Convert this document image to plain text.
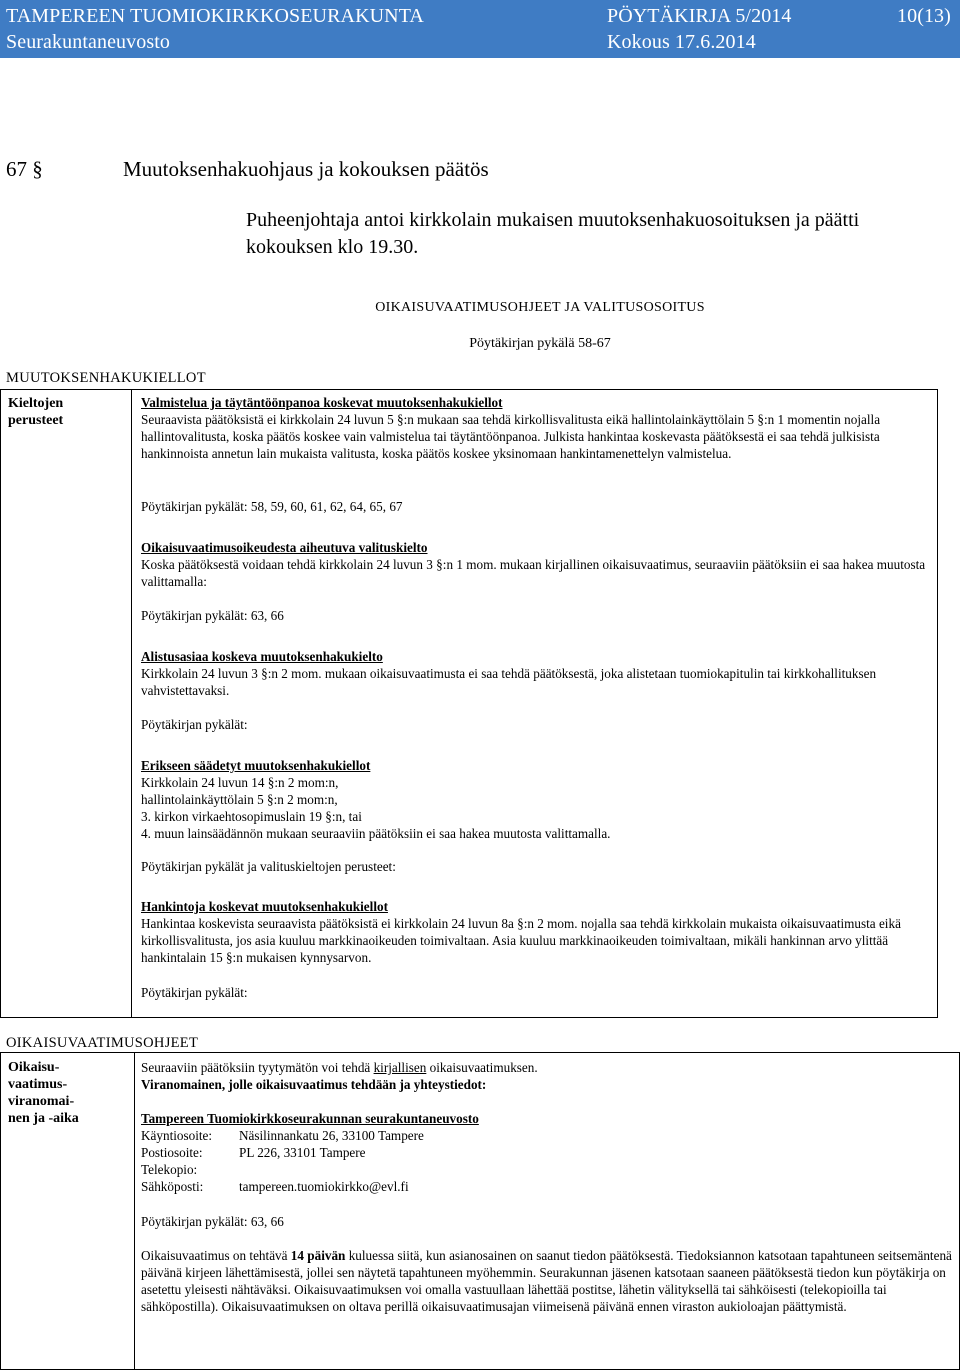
TAMPEREEN TUOMIOKIRKKOSEURAKUNTA
Seurakuntaneuvosto
PÖYTÄKIRJA 5/2014
Kokous 17.6.2014
10(13)
67 §	Muutoksenhakuohjaus ja kokouksen päätös
Puheenjohtaja antoi kirkkolain mukaisen muutoksenhakuosoituksen ja päätti kokouksen klo 19.30.
OIKAISUVAATIMUSOHJEET JA VALITUSOSOITUS
Pöytäkirjan pykälä 58-67
MUUTOKSENHAKUKIELLOT
Kieltojen perusteet
Valmistelua ja täytäntöönpanoa koskevat muutoksenhakukiellot
Seuraavista päätöksistä ei kirkkolain 24 luvun 5 §:n mukaan saa tehdä kirkollisvalitusta eikä hallintolainkäyttölain 5 §:n 1 momentin nojalla hallintovalitusta, koska päätös koskee vain valmistelua tai täytäntöönpanoa. Julkista hankintaa koskevasta päätöksestä ei saa tehdä julkisista hankinnoista annetun lain mukaista valitusta, koska päätös koskee yksinomaan hankintamenettelyn valmistelua.
Pöytäkirjan pykälät: 58, 59, 60, 61, 62, 64, 65, 67
Oikaisuvaatimusoikeudesta aiheutuva valituskielto
Koska päätöksestä voidaan tehdä kirkkolain 24 luvun 3 §:n 1 mom. mukaan kirjallinen oikaisuvaatimus, seuraaviin päätöksiin ei saa hakea muutosta valittamalla:
Pöytäkirjan pykälät: 63, 66
Alistusasiaa koskeva muutoksenhakukielto
Kirkkolain 24 luvun 3 §:n 2 mom. mukaan oikaisuvaatimusta ei saa tehdä päätöksestä, joka alistetaan tuomiokapitulin tai kirkkohallituksen vahvistettavaksi.
Pöytäkirjan pykälät:
Erikseen säädetyt muutoksenhakukiellot
Kirkkolain 24 luvun 14 §:n 2 mom:n,
hallintolainkäyttölain 5 §:n 2 mom:n,
3. kirkon virkaehtosopimuslain 19 §:n, tai
4. muun lainsäädännön mukaan seuraaviin päätöksiin ei saa hakea muutosta valittamalla.
Pöytäkirjan pykälät ja valituskieltojen perusteet:
Hankintoja koskevat muutoksenhakukiellot
Hankintaa koskevista seuraavista päätöksistä ei kirkkolain 24 luvun 8a §:n 2 mom. nojalla saa tehdä kirkkolain mukaista oikaisuvaatimusta eikä kirkollisvalitusta, jos asia kuuluu markkinaoikeuden toimivaltaan. Asia kuuluu markkinaoikeuden toimivaltaan, mikäli hankinnan arvo ylittää hankintalain 15 §:n mukaisen kynnysarvon.
Pöytäkirjan pykälät:
OIKAISUVAATIMUSOHJEET
Oikaisu-
vaatimus-
viranomai-
nen ja -aika
Seuraaviin päätöksiin tyytymätön voi tehdä kirjallisen oikaisuvaatimuksen.
Viranomainen, jolle oikaisuvaatimus tehdään ja yhteystiedot:
Tampereen Tuomiokirkkoseurakunnan seurakuntaneuvosto
Käyntiosoite: Näsilinnankatu 26, 33100 Tampere
Postiosoite:	PL 226, 33101 Tampere
Telekopio:
Sähköposti:	tampereen.tuomiokirkko@evl.fi
Pöytäkirjan pykälät: 63, 66
Oikaisuvaatimus on tehtävä 14 päivän kuluessa siitä, kun asianosainen on saanut tiedon päätöksestä. Tiedoksiannon katsotaan tapahtuneen seitsemäntenä päivänä kirjeen lähettämisestä, jollei sen näytetä tapahtuneen myöhemmin. Seurakunnan jäsenen katsotaan saaneen päätöksestä tiedon kun pöytäkirja on asetettu yleisesti nähtäväksi. Oikaisuvaatimuksen voi omalla vastuullaan lähettää postitse, lähetin välityksellä tai sähköisesti (telekopioilla tai sähköpostilla). Oikaisuvaatimuksen on oltava perillä oikaisuvaatimusajan viimeisenä päivänä ennen viraston aukioloajan päättymistä.
